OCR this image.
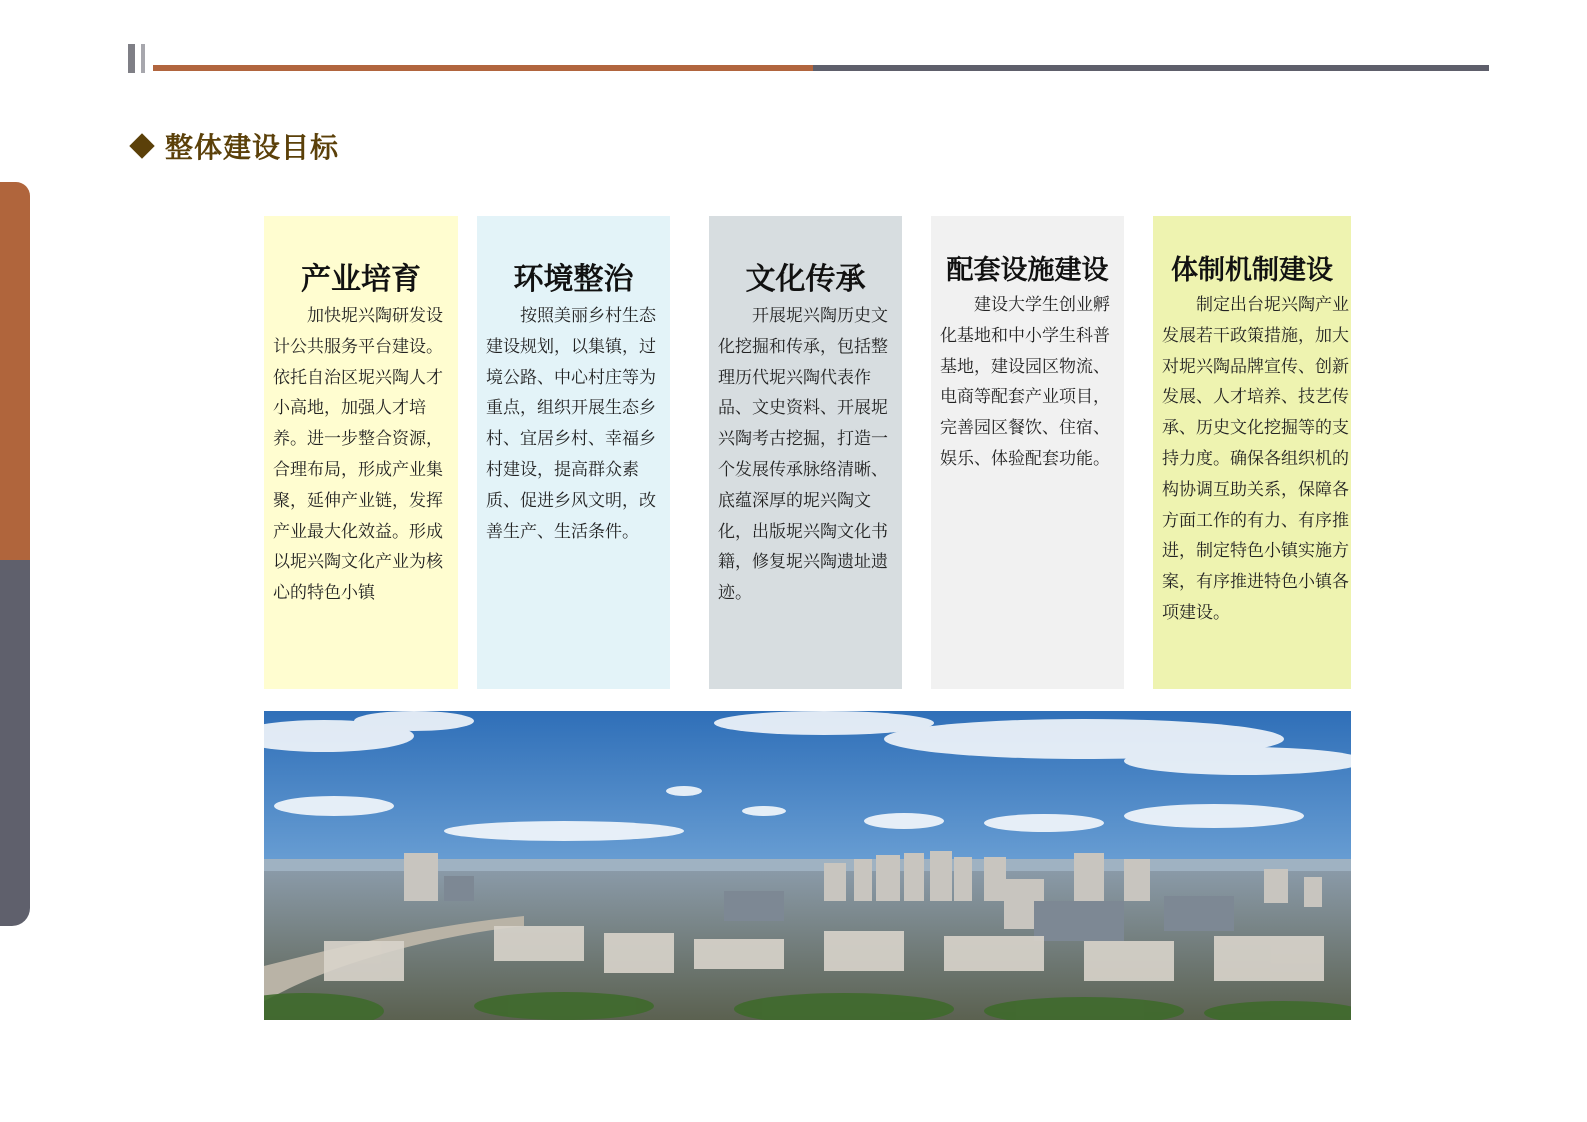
整体建设目标
产业培育
加快坭兴陶研发设计公共服务平台建设。依托自治区坭兴陶人才小高地，加强人才培养。进一步整合资源，合理布局，形成产业集聚，延伸产业链，发挥产业最大化效益。形成以坭兴陶文化产业为核心的特色小镇
环境整治
按照美丽乡村生态建设规划，以集镇，过境公路、中心村庄等为重点，组织开展生态乡村、宜居乡村、幸福乡村建设，提高群众素质、促进乡风文明，改善生产、生活条件。
文化传承
开展坭兴陶历史文化挖掘和传承，包括整理历代坭兴陶代表作品、文史资料、开展坭兴陶考古挖掘，打造一个发展传承脉络清晰、底蕴深厚的坭兴陶文化，出版坭兴陶文化书籍，修复坭兴陶遗址遗迹。
配套设施建设
建设大学生创业孵化基地和中小学生科普基地，建设园区物流、电商等配套产业项目，完善园区餐饮、住宿、娱乐、体验配套功能。
体制机制建设
制定出台坭兴陶产业发展若干政策措施，加大对坭兴陶品牌宣传、创新发展、人才培养、技艺传承、历史文化挖掘等的支持力度。确保各组织机的构协调互助关系，保障各方面工作的有力、有序推进，制定特色小镇实施方案，有序推进特色小镇各项建设。
